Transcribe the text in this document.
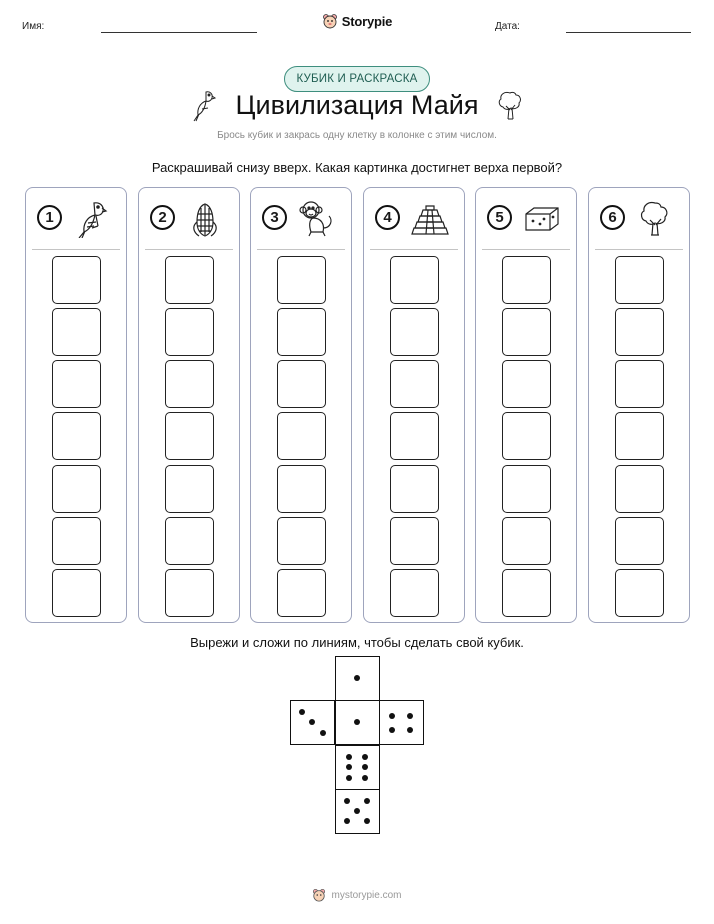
Имя:	Storypie	Дата:
КУБИК И РАСКРАСКА
Цивилизация Майя
Брось кубик и закрась одну клетку в колонке с этим числом.
Раскрашивай снизу вверх. Какая картинка достигнет верха первой?
1	2	3	4	5	6
Вырежи и сложи по линиям, чтобы сделать свой кубик.
mystorypie.com
